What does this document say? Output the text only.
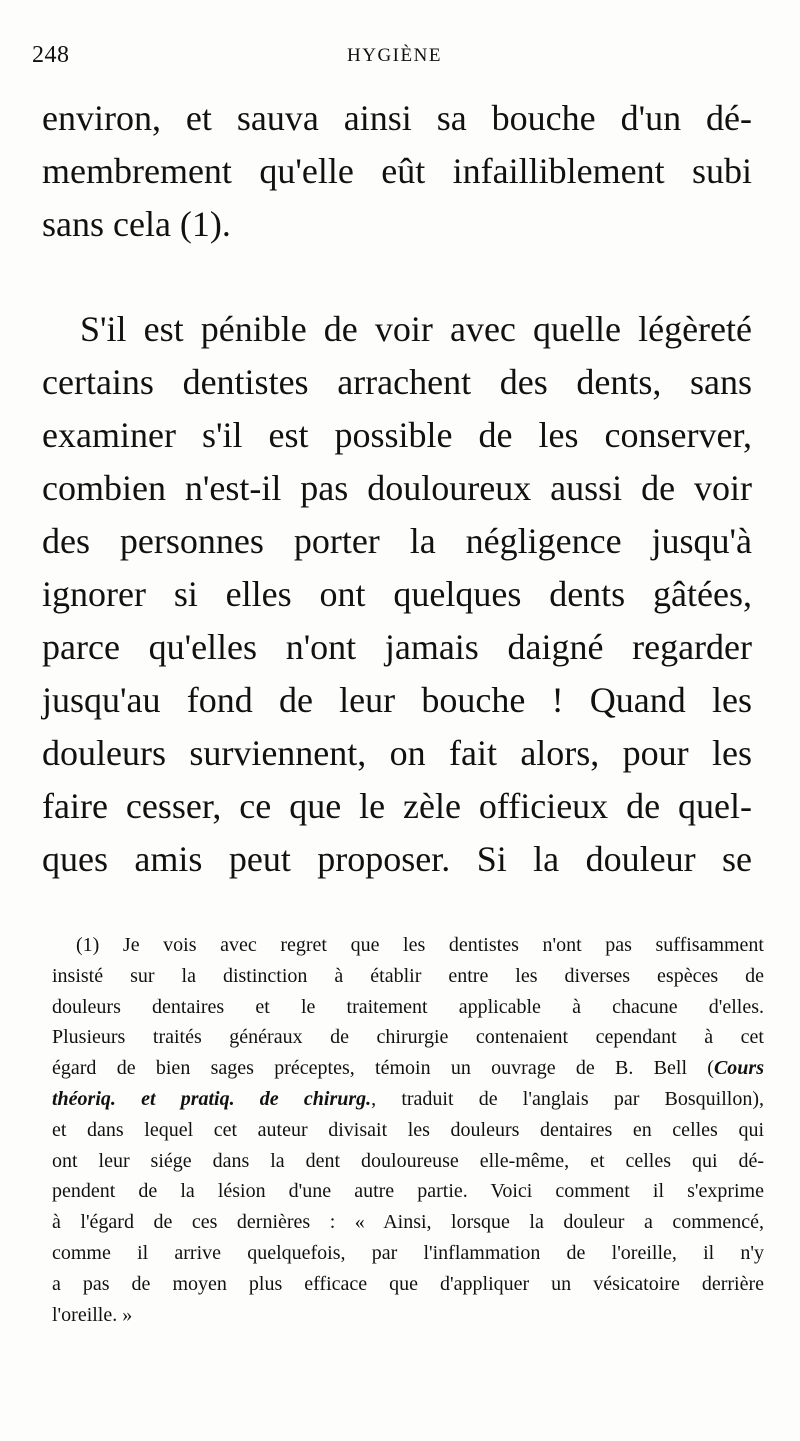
248	HYGIÈNE
environ, et sauva ainsi sa bouche d'un dé-
membrement qu'elle eût infailliblement subi
sans cela (1).
S'il est pénible de voir avec quelle légèreté
certains dentistes arrachent des dents, sans
examiner s'il est possible de les conserver,
combien n'est-il pas douloureux aussi de voir
des personnes porter la négligence jusqu'à
ignorer si elles ont quelques dents gâtées,
parce qu'elles n'ont jamais daigné regarder
jusqu'au fond de leur bouche ! Quand les
douleurs surviennent, on fait alors, pour les
faire cesser, ce que le zèle officieux de quel-
ques amis peut proposer. Si la douleur se
(1) Je vois avec regret que les dentistes n'ont pas suffisamment
insisté sur la distinction à établir entre les diverses espèces de
douleurs dentaires et le traitement applicable à chacune d'elles.
Plusieurs traités généraux de chirurgie contenaient cependant à cet
égard de bien sages préceptes, témoin un ouvrage de B. Bell (Cours
théoriq. et pratiq. de chirurg., traduit de l'anglais par Bosquillon),
et dans lequel cet auteur divisait les douleurs dentaires en celles qui
ont leur siége dans la dent douloureuse elle-même, et celles qui dé-
pendent de la lésion d'une autre partie. Voici comment il s'exprime
à l'égard de ces dernières : « Ainsi, lorsque la douleur a commencé,
comme il arrive quelquefois, par l'inflammation de l'oreille, il n'y
a pas de moyen plus efficace que d'appliquer un vésicatoire derrière
l'oreille. »
